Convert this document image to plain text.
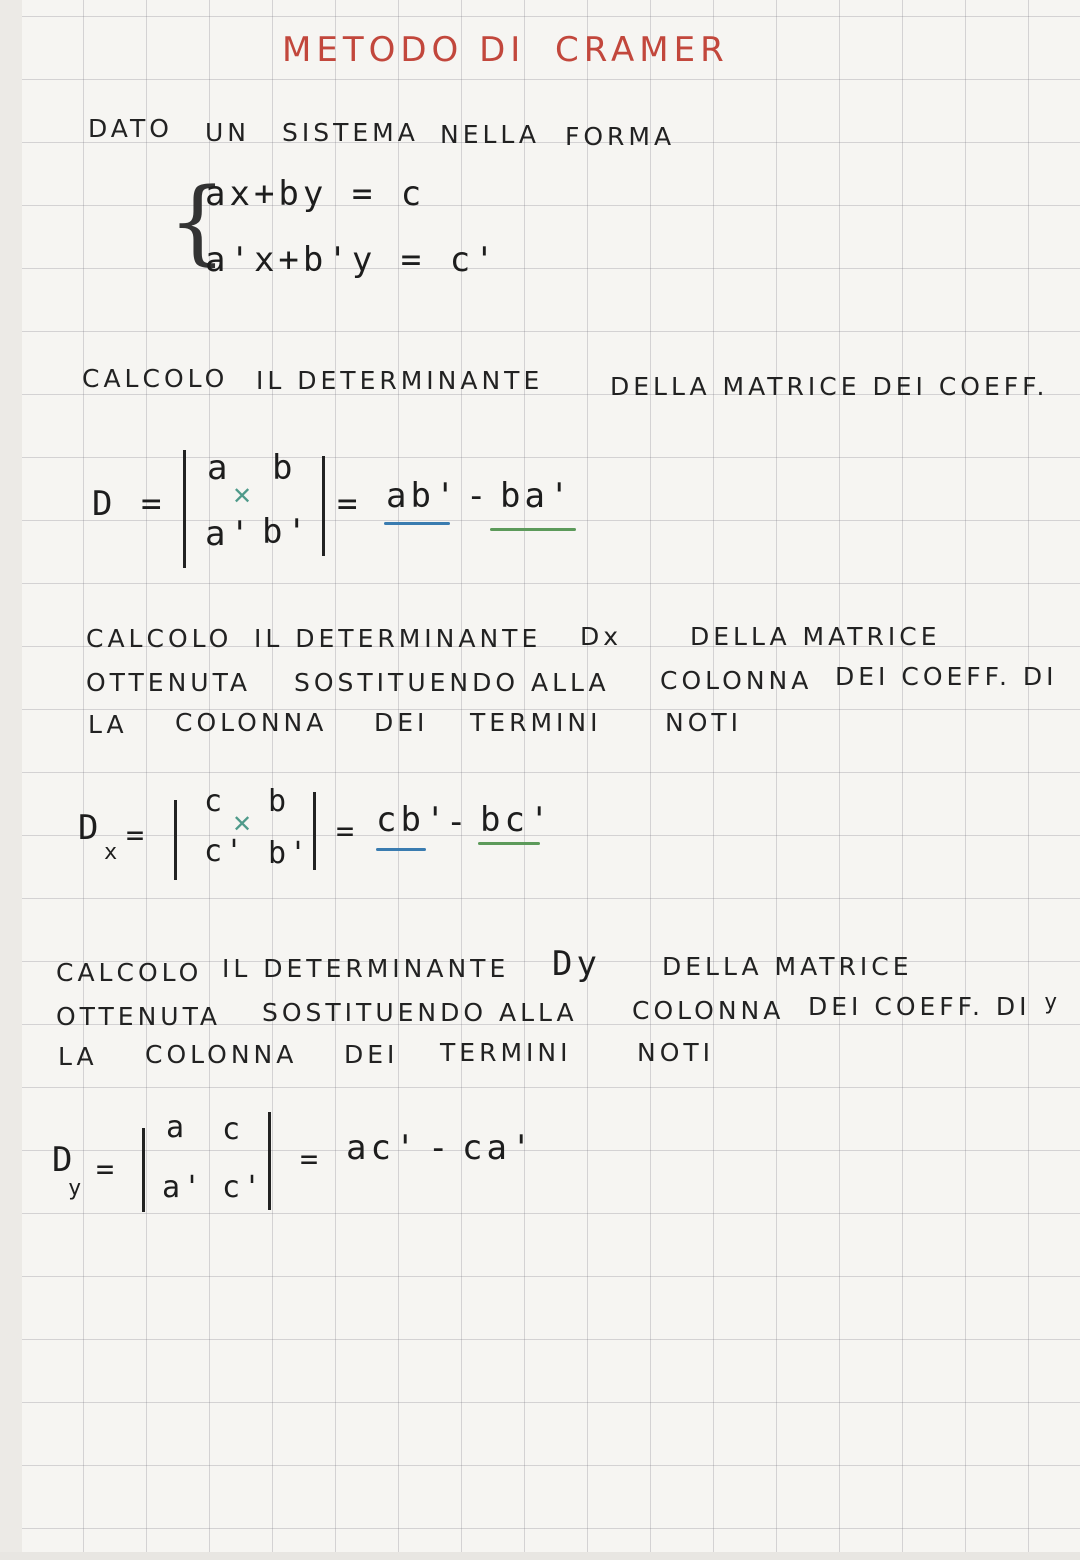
METODO DI CRAMER
DATO UN SISTEMA NELLA FORMA
{
ax+by = c
a'x+b'y = c'
CALCOLO IL DETERMINANTE	DELLA MATRICE DEI COEFF.
D =
a b
a' b'
✕ = ab' - ba'
CALCOLO IL DETERMINANTE Dx	DELLA MATRICE
OTTENUTA SOSTITUENDO ALLA COLONNA DEI COEFF. DI
LA COLONNA DEI TERMINI	NOTI
D
x =
c b
c' b'
✕	= cb'
- bc'
CALCOLO IL DETERMINANTE Dy DELLA MATRICE
OTTENUTA SOSTITUENDO ALLA COLONNA DEI COEFF. DI y
LA COLONNA DEI TERMINI	NOTI
D
y
=
a c
a' c'
= ac' - ca'
